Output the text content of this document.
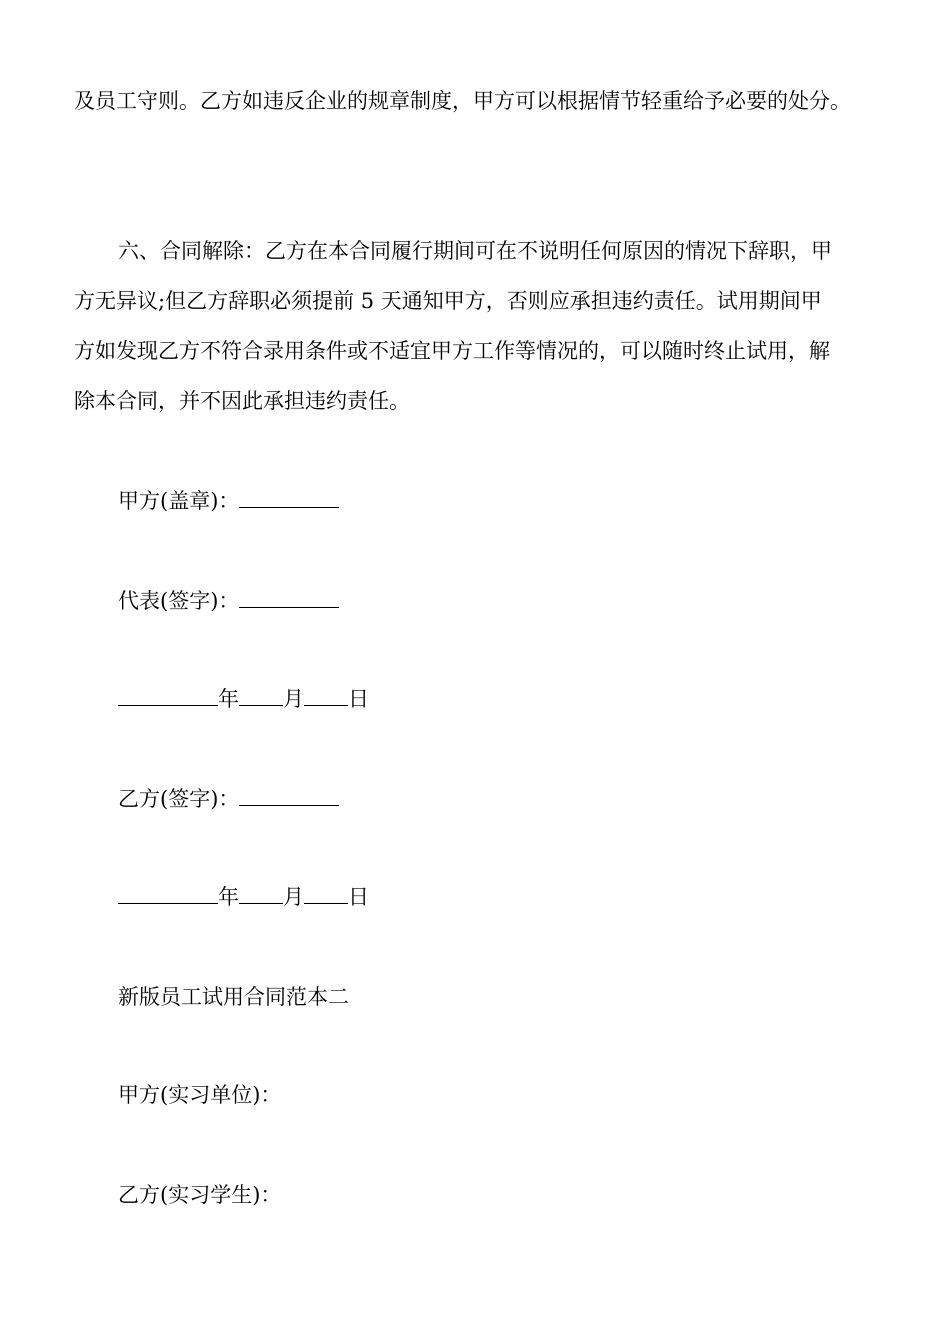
及员工守则。乙方如违反企业的规章制度，甲方可以根据情节轻重给予必要的处分。
六、合同解除：乙方在本合同履行期间可在不说明任何原因的情况下辞职，甲
方无异议;但乙方辞职必须提前 5 天通知甲方，否则应承担违约责任。试用期间甲
方如发现乙方不符合录用条件或不适宜甲方工作等情况的，可以随时终止试用，解
除本合同，并不因此承担违约责任。
甲方(盖章)：
代表(签字)：
年 月 日
乙方(签字)：
年 月 日
新版员工试用合同范本二
甲方(实习单位)：
乙方(实习学生)：
